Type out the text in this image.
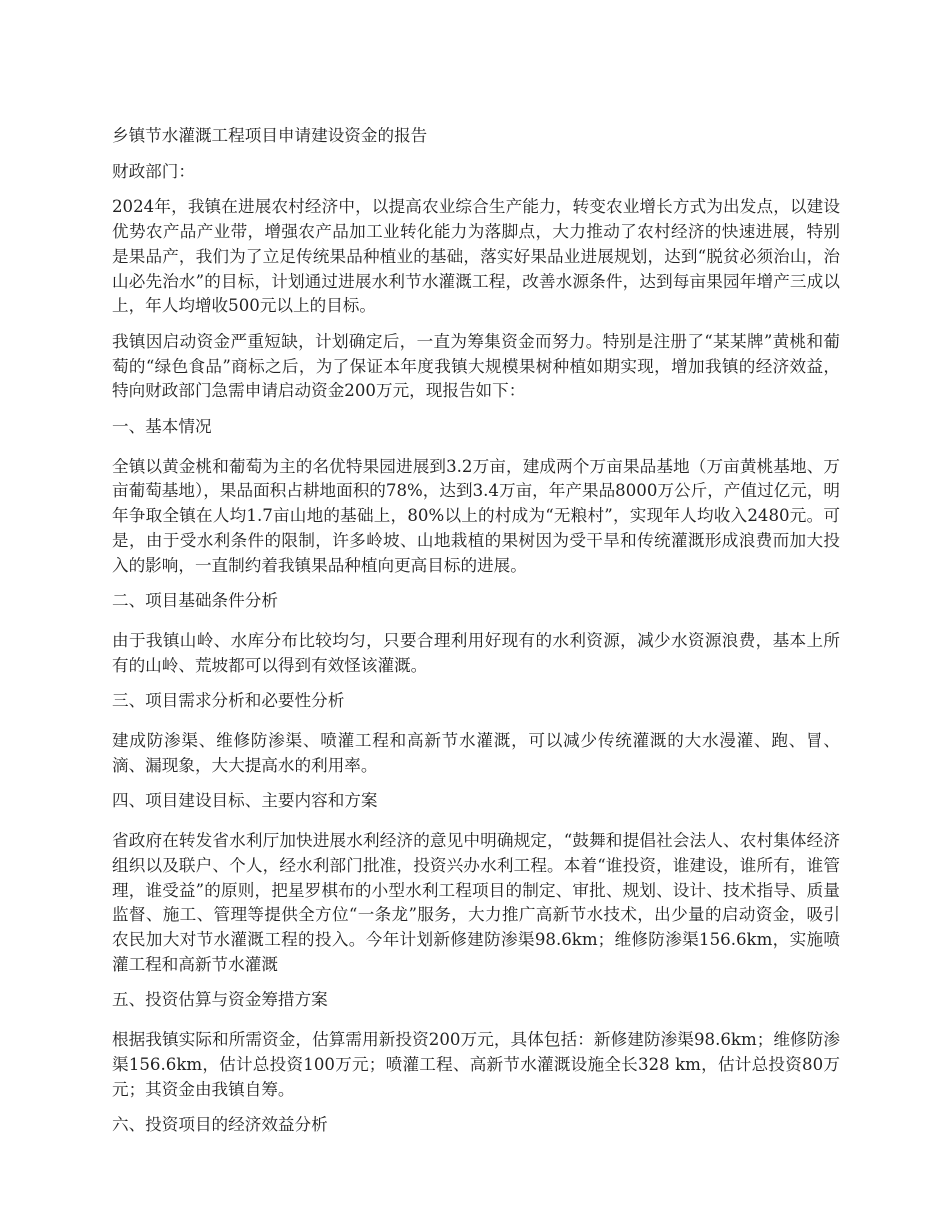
乡镇节水灌溉工程项目申请建设资金的报告

财政部门：

2024年，我镇在进展农村经济中，以提高农业综合生产能力，转变农业增长方式为出发点，以建设优势农产品产业带，增强农产品加工业转化能力为落脚点，大力推动了农村经济的快速进展，特别是果品产，我们为了立足传统果品种植业的基础，落实好果品业进展规划，达到“脱贫必须治山，治山必先治水”的目标，计划通过进展水利节水灌溉工程，改善水源条件，达到每亩果园年增产三成以上，年人均增收500元以上的目标。

我镇因启动资金严重短缺，计划确定后，一直为筹集资金而努力。特别是注册了“某某牌”黄桃和葡萄的“绿色食品”商标之后，为了保证本年度我镇大规模果树种植如期实现，增加我镇的经济效益，特向财政部门急需申请启动资金200万元，现报告如下：

一、基本情况

全镇以黄金桃和葡萄为主的名优特果园进展到3.2万亩，建成两个万亩果品基地（万亩黄桃基地、万亩葡萄基地），果品面积占耕地面积的78%，达到3.4万亩，年产果品8000万公斤，产值过亿元，明年争取全镇在人均1.7亩山地的基础上，80%以上的村成为“无粮村”，实现年人均收入2480元。可是，由于受水利条件的限制，许多岭坡、山地栽植的果树因为受干旱和传统灌溉形成浪费而加大投入的影响，一直制约着我镇果品种植向更高目标的进展。

二、项目基础条件分析

由于我镇山岭、水库分布比较均匀，只要合理利用好现有的水利资源，减少水资源浪费，基本上所有的山岭、荒坡都可以得到有效怪该灌溉。

三、项目需求分析和必要性分析

建成防渗渠、维修防渗渠、喷灌工程和高新节水灌溉，可以减少传统灌溉的大水漫灌、跑、冒、滴、漏现象，大大提高水的利用率。

四、项目建设目标、主要内容和方案

省政府在转发省水利厅加快进展水利经济的意见中明确规定，“鼓舞和提倡社会法人、农村集体经济组织以及联户、个人，经水利部门批准，投资兴办水利工程。本着“谁投资，谁建设，谁所有，谁管理，谁受益”的原则，把星罗棋布的小型水利工程项目的制定、审批、规划、设计、技术指导、质量监督、施工、管理等提供全方位“一条龙”服务，大力推广高新节水技术，出少量的启动资金，吸引农民加大对节水灌溉工程的投入。今年计划新修建防渗渠98.6km；维修防渗渠156.6km，实施喷灌工程和高新节水灌溉

五、投资估算与资金筹措方案

根据我镇实际和所需资金，估算需用新投资200万元，具体包括：新修建防渗渠98.6km；维修防渗渠156.6km，估计总投资100万元；喷灌工程、高新节水灌溉设施全长328 km，估计总投资80万元；其资金由我镇自筹。

六、投资项目的经济效益分析
